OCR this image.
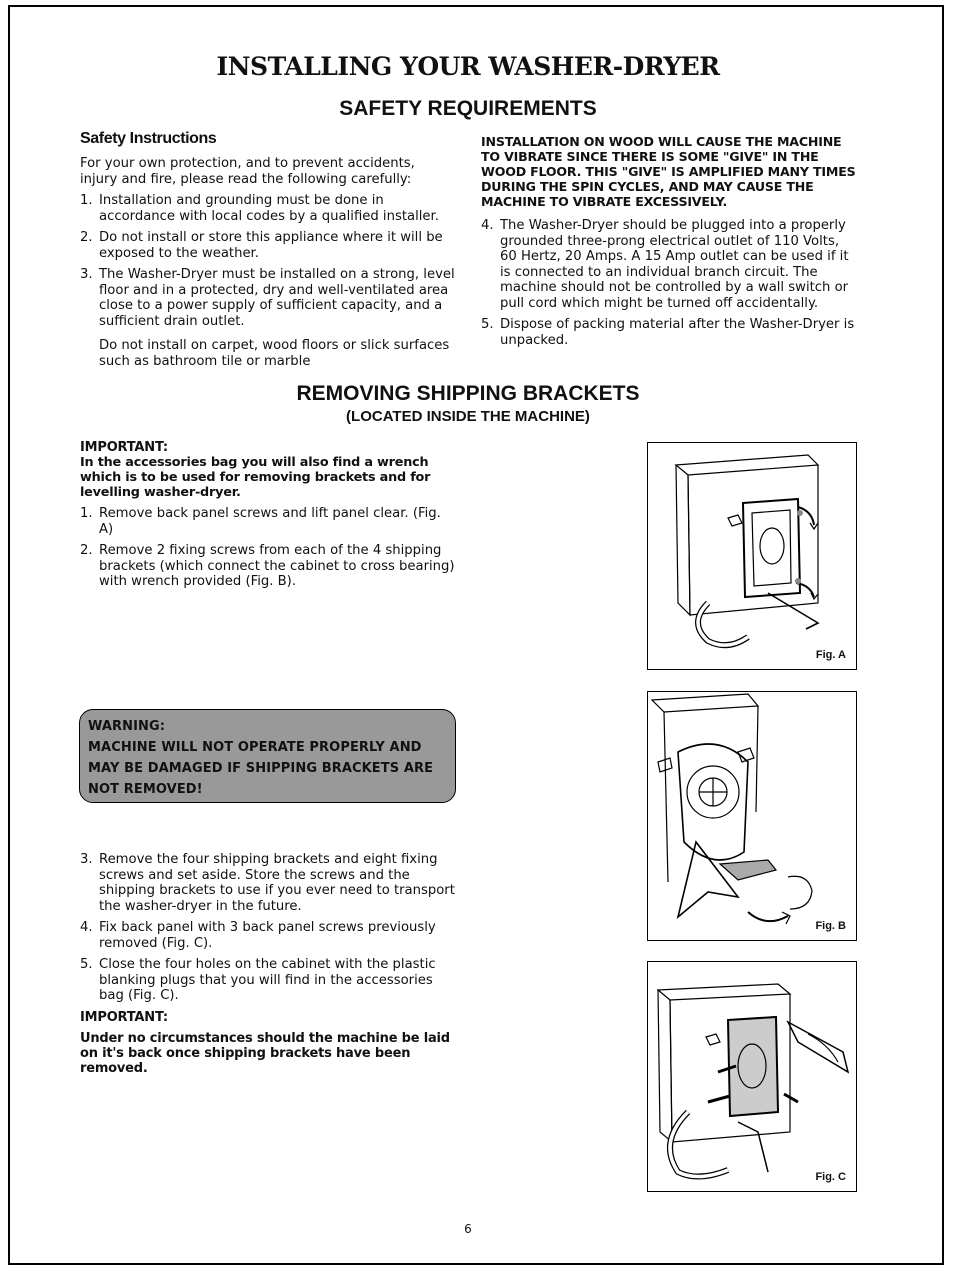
INSTALLING YOUR WASHER-DRYER
SAFETY REQUIREMENTS
Safety Instructions
For your own protection, and to prevent accidents, injury and fire, please read the following carefully:
1. Installation and grounding must be done in accordance with local codes by a qualified installer.
2. Do not install or store this appliance where it will be exposed to the weather.
3. The Washer-Dryer must be installed on a strong, level floor and in a protected, dry and well-ventilated area close to a power supply of sufficient capacity, and a sufficient drain outlet.
Do not install on carpet, wood floors or slick surfaces such as bathroom tile or marble
INSTALLATION ON WOOD WILL CAUSE THE MACHINE TO VIBRATE SINCE THERE IS SOME "GIVE" IN THE WOOD FLOOR. THIS "GIVE" IS AMPLIFIED MANY TIMES DURING THE SPIN CYCLES, AND MAY CAUSE THE MACHINE TO VIBRATE EXCESSIVELY.
4. The Washer-Dryer should be plugged into a properly grounded three-prong electrical outlet of 110 Volts, 60 Hertz, 20 Amps. A 15 Amp outlet can be used if it is connected to an individual branch circuit. The machine should not be controlled by a wall switch or pull cord which might be turned off accidentally.
5. Dispose of packing material after the Washer-Dryer is unpacked.
REMOVING SHIPPING BRACKETS
(LOCATED INSIDE THE MACHINE)
IMPORTANT:
In the accessories bag you will also find a wrench which is to be used for removing brackets and for levelling washer-dryer.
1. Remove back panel screws and lift panel clear. (Fig. A)
2. Remove 2 fixing screws from each of the 4 shipping brackets (which connect the cabinet to cross bearing) with wrench provided (Fig. B).
WARNING:
MACHINE WILL NOT OPERATE PROPERLY AND
MAY BE DAMAGED IF SHIPPING BRACKETS ARE
NOT REMOVED!
3. Remove the four shipping brackets and eight fixing screws and set aside. Store the screws and the shipping brackets to use if you ever need to transport the washer-dryer in the future.
4. Fix back panel with 3 back panel screws previously removed (Fig. C).
5. Close the four holes on the cabinet with the plastic blanking plugs that you will find in the accessories bag (Fig. C).
IMPORTANT:
Under no circumstances should the machine be laid on it's back once shipping brackets have been removed.
Fig. A
Fig. B
Fig. C
6
